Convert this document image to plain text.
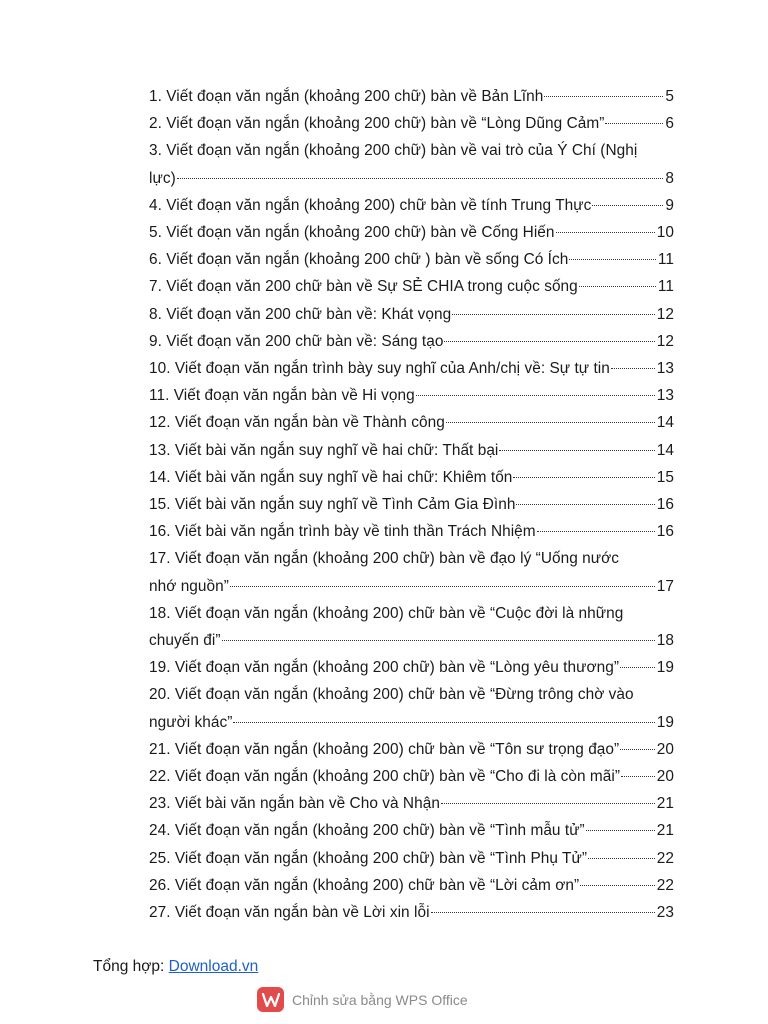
1. Viết đoạn văn ngắn (khoảng 200 chữ) bàn về Bản Lĩnh	5
2. Viết đoạn văn ngắn (khoảng 200 chữ) bàn về “Lòng Dũng Cảm”	6
3. Viết đoạn văn ngắn (khoảng 200 chữ) bàn về vai trò của Ý Chí (Nghị
lực)	8
4. Viết đoạn văn ngắn (khoảng 200) chữ bàn về tính Trung Thực	9
5. Viết đoạn văn ngắn (khoảng 200 chữ) bàn về Cống Hiến	10
6. Viết đoạn văn ngắn (khoảng 200 chữ ) bàn về sống Có Ích	11
7. Viết đoạn văn 200 chữ bàn về Sự SẺ CHIA trong cuộc sống	11
8. Viết đoạn văn 200 chữ bàn về: Khát vọng	12
9. Viết đoạn văn 200 chữ bàn về: Sáng tạo	12
10. Viết đoạn văn ngắn trình bày suy nghĩ của Anh/chị về: Sự tự tin	13
11. Viết đoạn văn ngắn bàn về Hi vọng	13
12. Viết đoạn văn ngắn bàn về Thành công	14
13. Viết bài văn ngắn suy nghĩ về hai chữ: Thất bại	14
14. Viết bài văn ngắn suy nghĩ về hai chữ: Khiêm tốn	15
15. Viết bài văn ngắn suy nghĩ về Tình Cảm Gia Đình	16
16. Viết bài văn ngắn trình bày về tinh thần Trách Nhiệm	16
17. Viết đoạn văn ngắn (khoảng 200 chữ) bàn về đạo lý “Uống nước
nhớ nguồn”	17
18. Viết đoạn văn ngắn (khoảng 200) chữ bàn về “Cuộc đời là những
chuyến đi”	18
19. Viết đoạn văn ngắn (khoảng 200 chữ) bàn về “Lòng yêu thương” 19
20. Viết đoạn văn ngắn (khoảng 200) chữ bàn về “Đừng trông chờ vào
người khác”	19
21. Viết đoạn văn ngắn (khoảng 200) chữ bàn về “Tôn sư trọng đạo” 20
22. Viết đoạn văn ngắn (khoảng 200 chữ) bàn về “Cho đi là còn mãi” 20
23. Viết bài văn ngắn bàn về Cho và Nhận	21
24. Viết đoạn văn ngắn (khoảng 200 chữ) bàn về “Tình mẫu tử”	21
25. Viết đoạn văn ngắn (khoảng 200 chữ) bàn về “Tình Phụ Tử”	22
26. Viết đoạn văn ngắn (khoảng 200) chữ bàn về “Lời cảm ơn”	22
27. Viết đoạn văn ngắn bàn về Lời xin lỗi	23
Tổng hợp: Download.vn
Chỉnh sửa bằng WPS Office
